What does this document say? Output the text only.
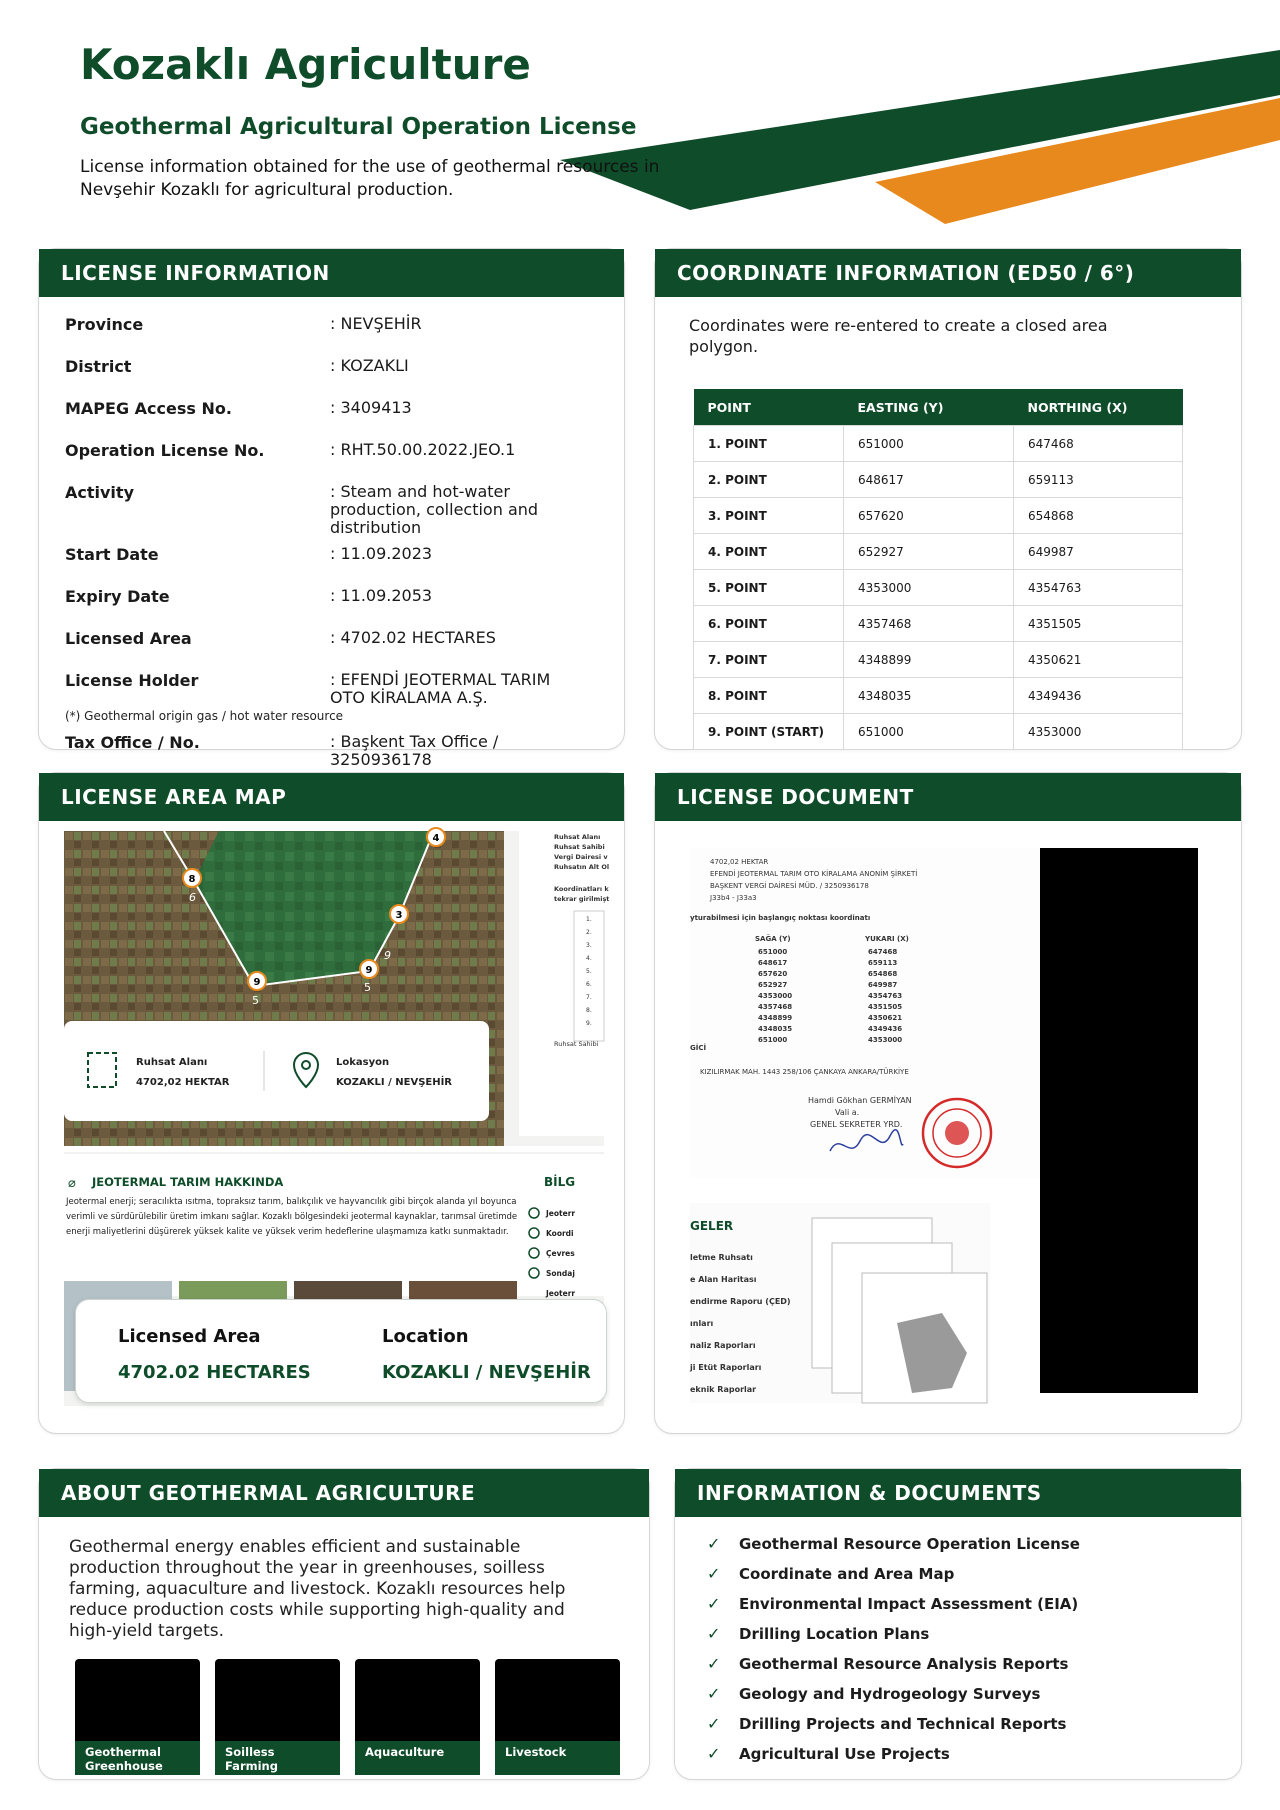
Kozaklı Agriculture
Geothermal Agricultural Operation License

License information obtained for the use of geothermal resources in Nevşehir Kozaklı for agricultural production.

LICENSE INFORMATION
Province	: NEVŞEHİR
District	: KOZAKLI
MAPEG Access No.	: 3409413
Operation License No.	: RHT.50.00.2022.JEO.1
Activity	: Steam and hot-water production, collection and distribution
Start Date	: 11.09.2023
Expiry Date	: 11.09.2053
Licensed Area	: 4702.02 HECTARES
License Holder	: EFENDİ JEOTERMAL TARIM OTO KİRALAMA A.Ş.
Tax Office / No.	: Başkent Tax Office / 3250936178
(*) Geothermal origin gas / hot water resource
COORDINATE INFORMATION (ED50 / 6°)
Coordinates were re-entered to create a closed area polygon.
POINT	EASTING (Y)	NORTHING (X)
1. POINT	651000	647468
2. POINT	648617	659113
3. POINT	657620	654868
4. POINT	652927	649987
5. POINT	4353000	4354763
6. POINT	4357468	4351505
7. POINT	4348899	4350621
8. POINT	4348035	4349436
9. POINT (START)	651000	4353000
LICENSE AREA MAP
4
8
6
3
9
9
5
9
5
Ruhsat Alanı
4702,02 HEKTAR
Lokasyon
KOZAKLI / NEVŞEHİR
Ruhsat Alanı
Ruhsat Sahibi
Vergi Dairesi v
Ruhsatın Alt Ol
Koordinatları k
tekrar girilmişt
1.
2.
3.
4.
5.
6.
7.
8.
9.
Ruhsat Sahibi
⌀ JEOTERMAL TARIM HAKKINDA
Jeotermal enerji; seracılıkta ısıtma, topraksız tarım, balıkçılık ve hayvancılık gibi birçok alanda yıl boyunca verimli ve sürdürülebilir üretim imkanı sağlar. Kozaklı bölgesindeki jeotermal kaynaklar, tarımsal üretimde enerji maliyetlerini düşürerek yüksek kalite ve yüksek verim hedeflerine ulaşmamıza katkı sunmaktadır.
BİLG
Jeoterr
Koordi
Çevres
Sondaj
Jeoterr
Licensed Area
4702.02 HECTARES
Location
KOZAKLI / NEVŞEHİR
LICENSE DOCUMENT
4702,02 HEKTAR
EFENDİ JEOTERMAL TARIM OTO KİRALAMA ANONİM ŞİRKETİ
BAŞKENT VERGİ DAİRESİ MÜD. / 3250936178
J33b4 - J33a3
yturabilmesi için başlangıç noktası koordinatı
SAĞA (Y)	YUKARI (X)
651000	647468
648617	659113
657620	654868
652927	649987
4353000	4354763
4357468	4351505
4348899	4350621
4348035	4349436
651000	4353000
GİCİ
KIZILIRMAK MAH. 1443 258/106 ÇANKAYA ANKARA/TÜRKİYE
Hamdi Gökhan GERMİYAN
Vali a.
GENEL SEKRETER YRD.
GELER
letme Ruhsatı
e Alan Haritası
endirme Raporu (ÇED)
ınları
naliz Raporları
ji Etüt Raporları
eknik Raporlar
ABOUT GEOTHERMAL AGRICULTURE
Geothermal energy enables efficient and sustainable production throughout the year in greenhouses, soilless farming, aquaculture and livestock. Kozaklı resources help reduce production costs while supporting high-quality and high-yield targets.
Geothermal Greenhouse
Soilless Farming
Aquaculture	Livestock
INFORMATION & DOCUMENTS
✓ Geothermal Resource Operation License
✓ Coordinate and Area Map
✓ Environmental Impact Assessment (EIA)
✓ Drilling Location Plans
✓ Geothermal Resource Analysis Reports
✓ Geology and Hydrogeology Surveys
✓ Drilling Projects and Technical Reports
✓ Agricultural Use Projects
